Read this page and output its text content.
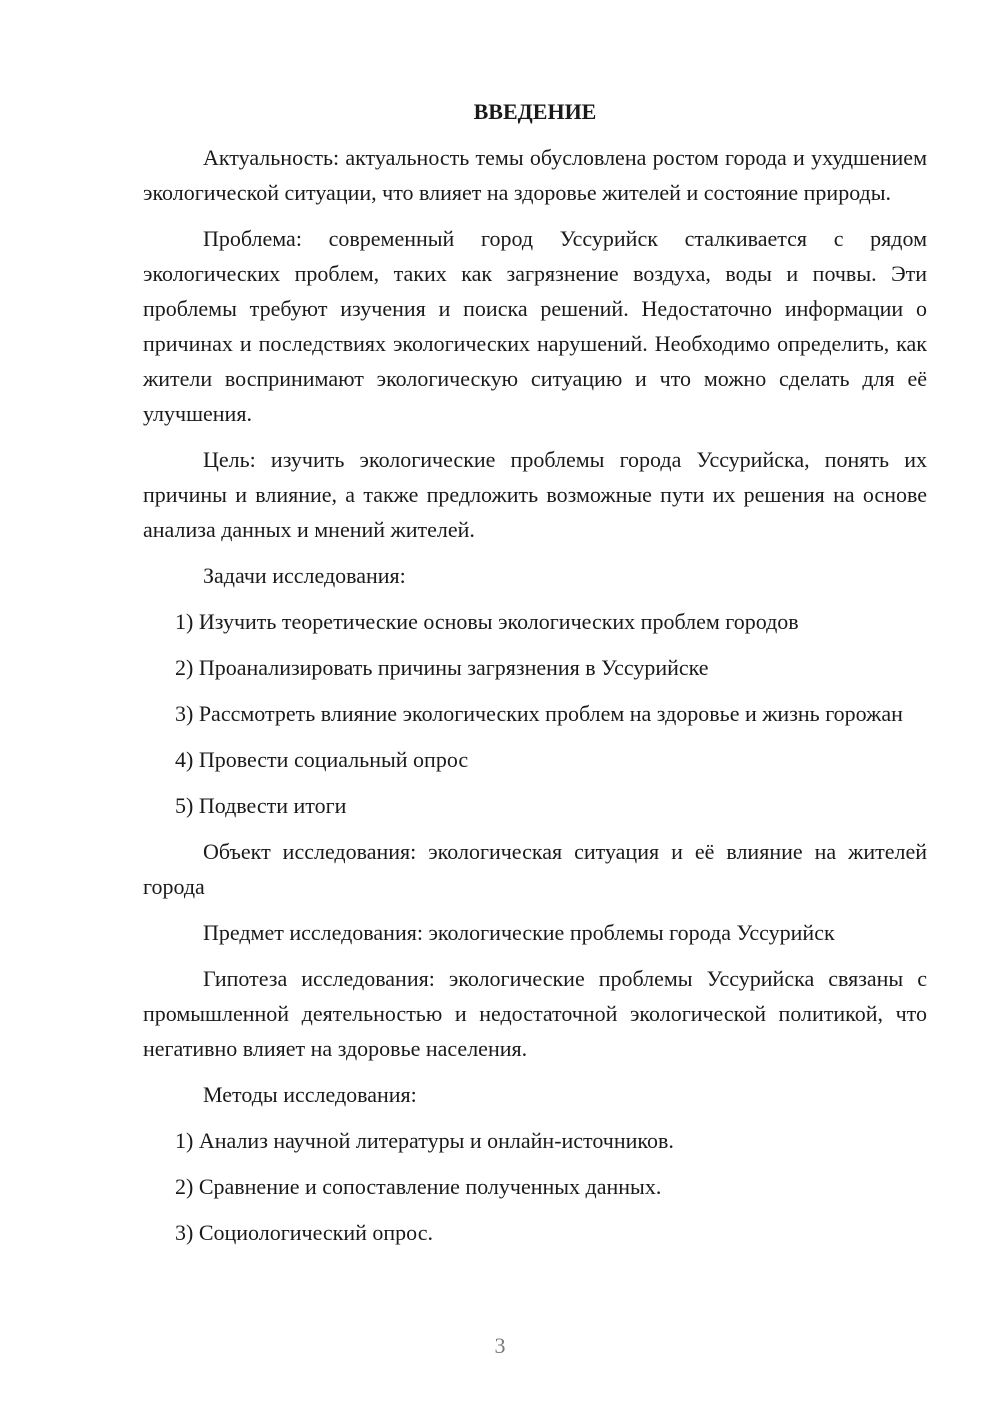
ВВЕДЕНИЕ

Актуальность: актуальность темы обусловлена ростом города и ухудшением экологической ситуации, что влияет на здоровье жителей и состояние природы.

Проблема: современный город Уссурийск сталкивается с рядом экологических проблем, таких как загрязнение воздуха, воды и почвы. Эти проблемы требуют изучения и поиска решений. Недостаточно информации о причинах и последствиях экологических нарушений. Необходимо определить, как жители воспринимают экологическую ситуацию и что можно сделать для её улучшения.

Цель: изучить экологические проблемы города Уссурийска, понять их причины и влияние, а также предложить возможные пути их решения на основе анализа данных и мнений жителей.

Задачи исследования:

1) Изучить теоретические основы экологических проблем городов

2) Проанализировать причины загрязнения в Уссурийске

3) Рассмотреть влияние экологических проблем на здоровье и жизнь горожан

4) Провести социальный опрос

5) Подвести итоги

Объект исследования: экологическая ситуация и её влияние на жителей города

Предмет исследования: экологические проблемы города Уссурийск

Гипотеза исследования: экологические проблемы Уссурийска связаны с промышленной деятельностью и недостаточной экологической политикой, что негативно влияет на здоровье населения.

Методы исследования:

1) Анализ научной литературы и онлайн-источников.

2) Сравнение и сопоставление полученных данных.

3) Социологический опрос.

3
